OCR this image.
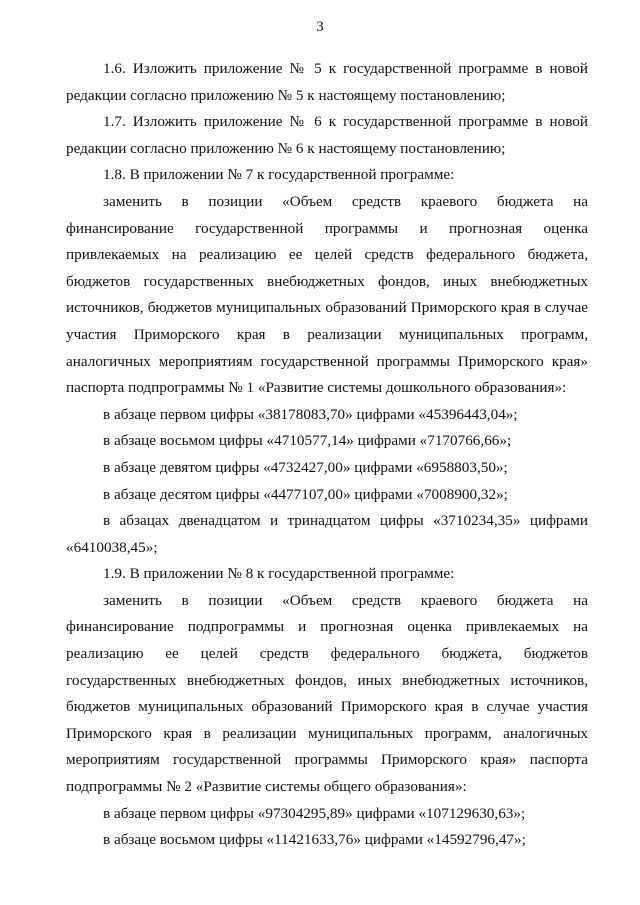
3

1.6. Изложить приложение № 5 к государственной программе в новой редакции согласно приложению № 5 к настоящему постановлению;

1.7. Изложить приложение № 6 к государственной программе в новой редакции согласно приложению № 6 к настоящему постановлению;

1.8. В приложении № 7 к государственной программе:

заменить в позиции «Объем средств краевого бюджета на финансирование государственной программы и прогнозная оценка привлекаемых на реализацию ее целей средств федерального бюджета, бюджетов государственных внебюджетных фондов, иных внебюджетных источников, бюджетов муниципальных образований Приморского края в случае участия Приморского края в реализации муниципальных программ, аналогичных мероприятиям государственной программы Приморского края» паспорта подпрограммы № 1 «Развитие системы дошкольного образования»:

в абзаце первом цифры «38178083,70» цифрами «45396443,04»;

в абзаце восьмом цифры «4710577,14» цифрами «7170766,66»;

в абзаце девятом цифры «4732427,00» цифрами «6958803,50»;

в абзаце десятом цифры «4477107,00» цифрами «7008900,32»;

в абзацах двенадцатом и тринадцатом цифры «3710234,35» цифрами «6410038,45»;

1.9. В приложении № 8 к государственной программе:

заменить в позиции «Объем средств краевого бюджета на финансирование подпрограммы и прогнозная оценка привлекаемых на реализацию ее целей средств федерального бюджета, бюджетов государственных внебюджетных фондов, иных внебюджетных источников, бюджетов муниципальных образований Приморского края в случае участия Приморского края в реализации муниципальных программ, аналогичных мероприятиям государственной программы Приморского края» паспорта подпрограммы № 2 «Развитие системы общего образования»:

в абзаце первом цифры «97304295,89» цифрами «107129630,63»;

в абзаце восьмом цифры «11421633,76» цифрами «14592796,47»;
